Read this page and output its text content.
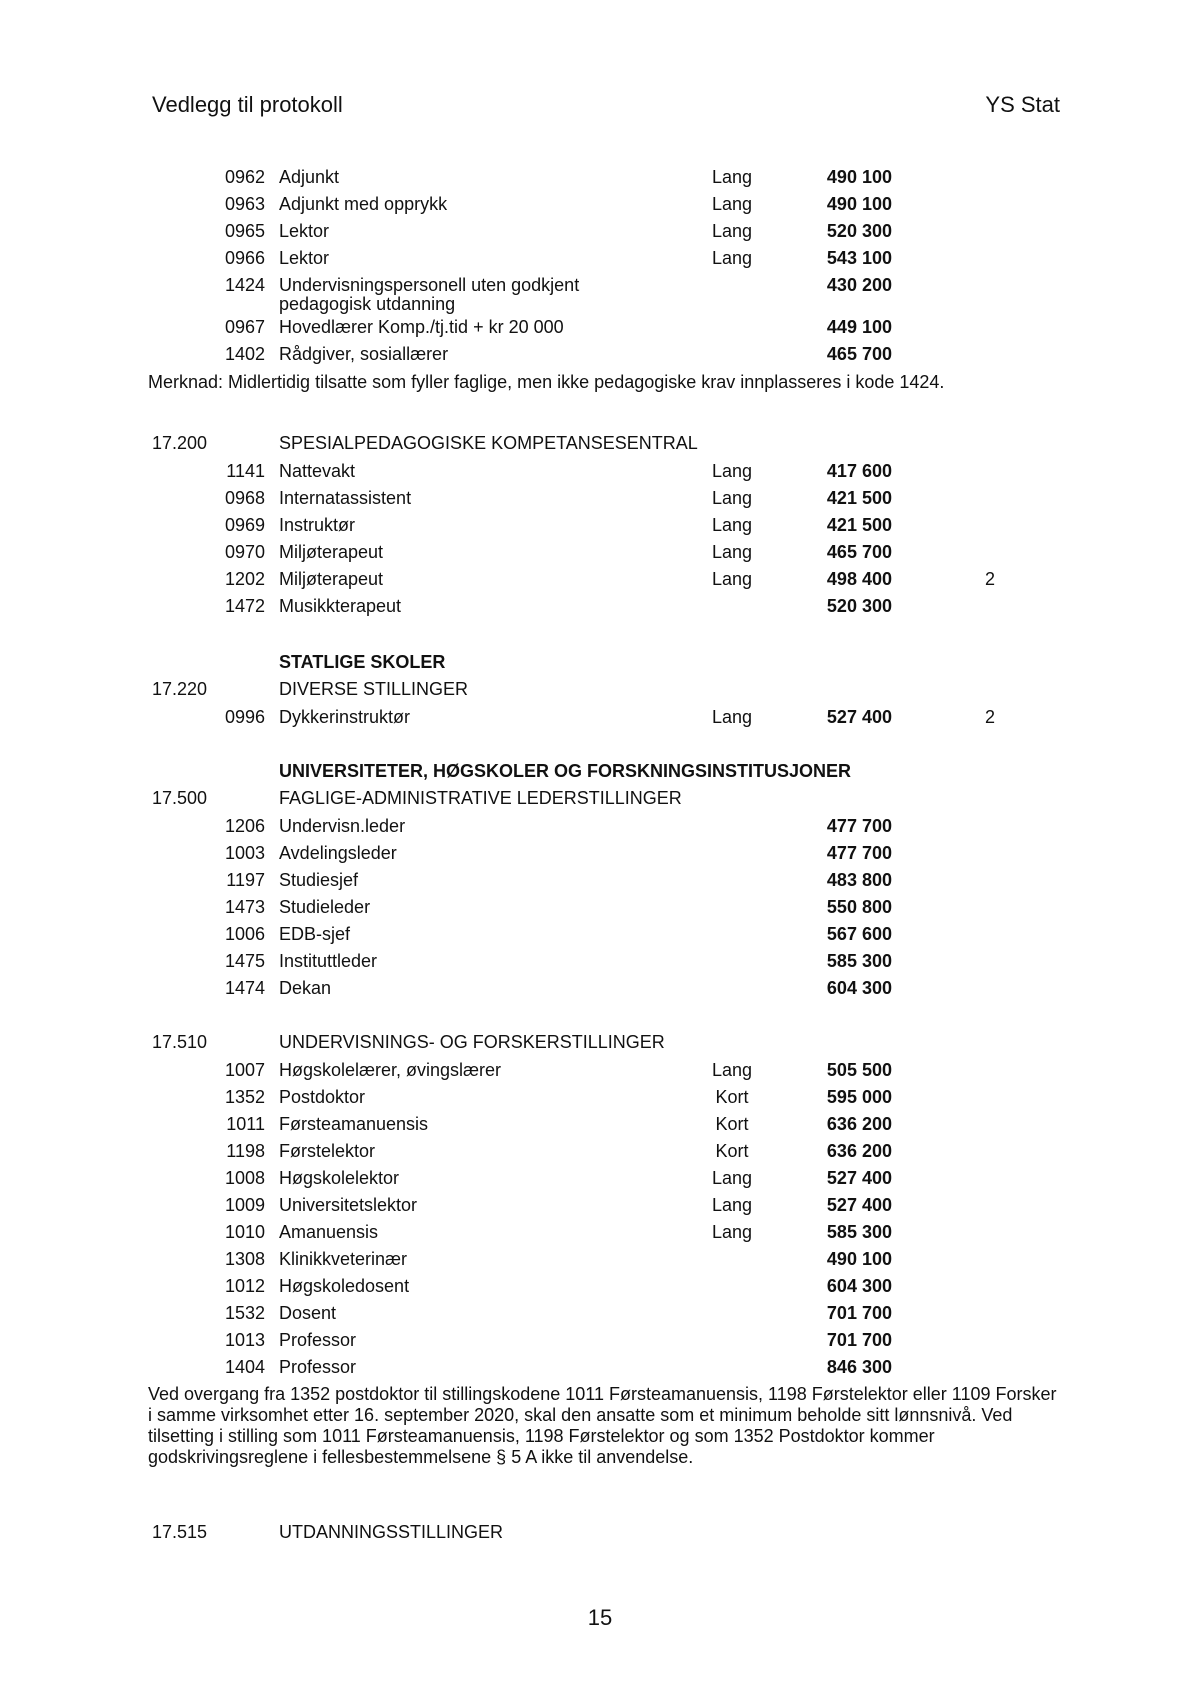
Vedlegg til protokoll	YS Stat
0962 Adjunkt	Lang	490 100
0963 Adjunkt med opprykk	Lang	490 100
0965 Lektor	Lang	520 300
0966 Lektor	Lang	543 100
1424 Undervisningspersonell uten godkjent	430 200
pedagogisk utdanning
0967 Hovedlærer Komp./tj.tid + kr 20 000	449 100
1402 Rådgiver, sosiallærer	465 700
Merknad: Midlertidig tilsatte som fyller faglige, men ikke pedagogiske krav innplasseres i kode 1424.
17.200	SPESIALPEDAGOGISKE KOMPETANSESENTRAL
1141 Nattevakt	Lang	417 600
0968 Internatassistent	Lang	421 500
0969 Instruktør	Lang	421 500
0970 Miljøterapeut	Lang	465 700
1202 Miljøterapeut	Lang	498 400	2
1472 Musikkterapeut	520 300
STATLIGE SKOLER
17.220	DIVERSE STILLINGER
0996 Dykkerinstruktør	Lang	527 400	2
UNIVERSITETER, HØGSKOLER OG FORSKNINGSINSTITUSJONER
17.500	FAGLIGE-ADMINISTRATIVE LEDERSTILLINGER
1206 Undervisn.leder	477 700
1003 Avdelingsleder	477 700
1197 Studiesjef	483 800
1473 Studieleder	550 800
1006 EDB-sjef	567 600
1475 Instituttleder	585 300
1474 Dekan	604 300
17.510	UNDERVISNINGS- OG FORSKERSTILLINGER
1007 Høgskolelærer, øvingslærer	Lang	505 500
1352 Postdoktor	Kort	595 000
1011 Førsteamanuensis	Kort	636 200
1198 Førstelektor	Kort	636 200
1008 Høgskolelektor	Lang	527 400
1009 Universitetslektor	Lang	527 400
1010 Amanuensis	Lang	585 300
1308 Klinikkveterinær	490 100
1012 Høgskoledosent	604 300
1532 Dosent	701 700
1013 Professor	701 700
1404 Professor	846 300
Ved overgang fra 1352 postdoktor til stillingskodene 1011 Førsteamanuensis, 1198 Førstelektor eller 1109 Forsker
i samme virksomhet etter 16. september 2020, skal den ansatte som et minimum beholde sitt lønnsnivå. Ved
tilsetting i stilling som 1011 Førsteamanuensis, 1198 Førstelektor og som 1352 Postdoktor kommer
godskrivingsreglene i fellesbestemmelsene § 5 A ikke til anvendelse.
17.515	UTDANNINGSSTILLINGER
15
